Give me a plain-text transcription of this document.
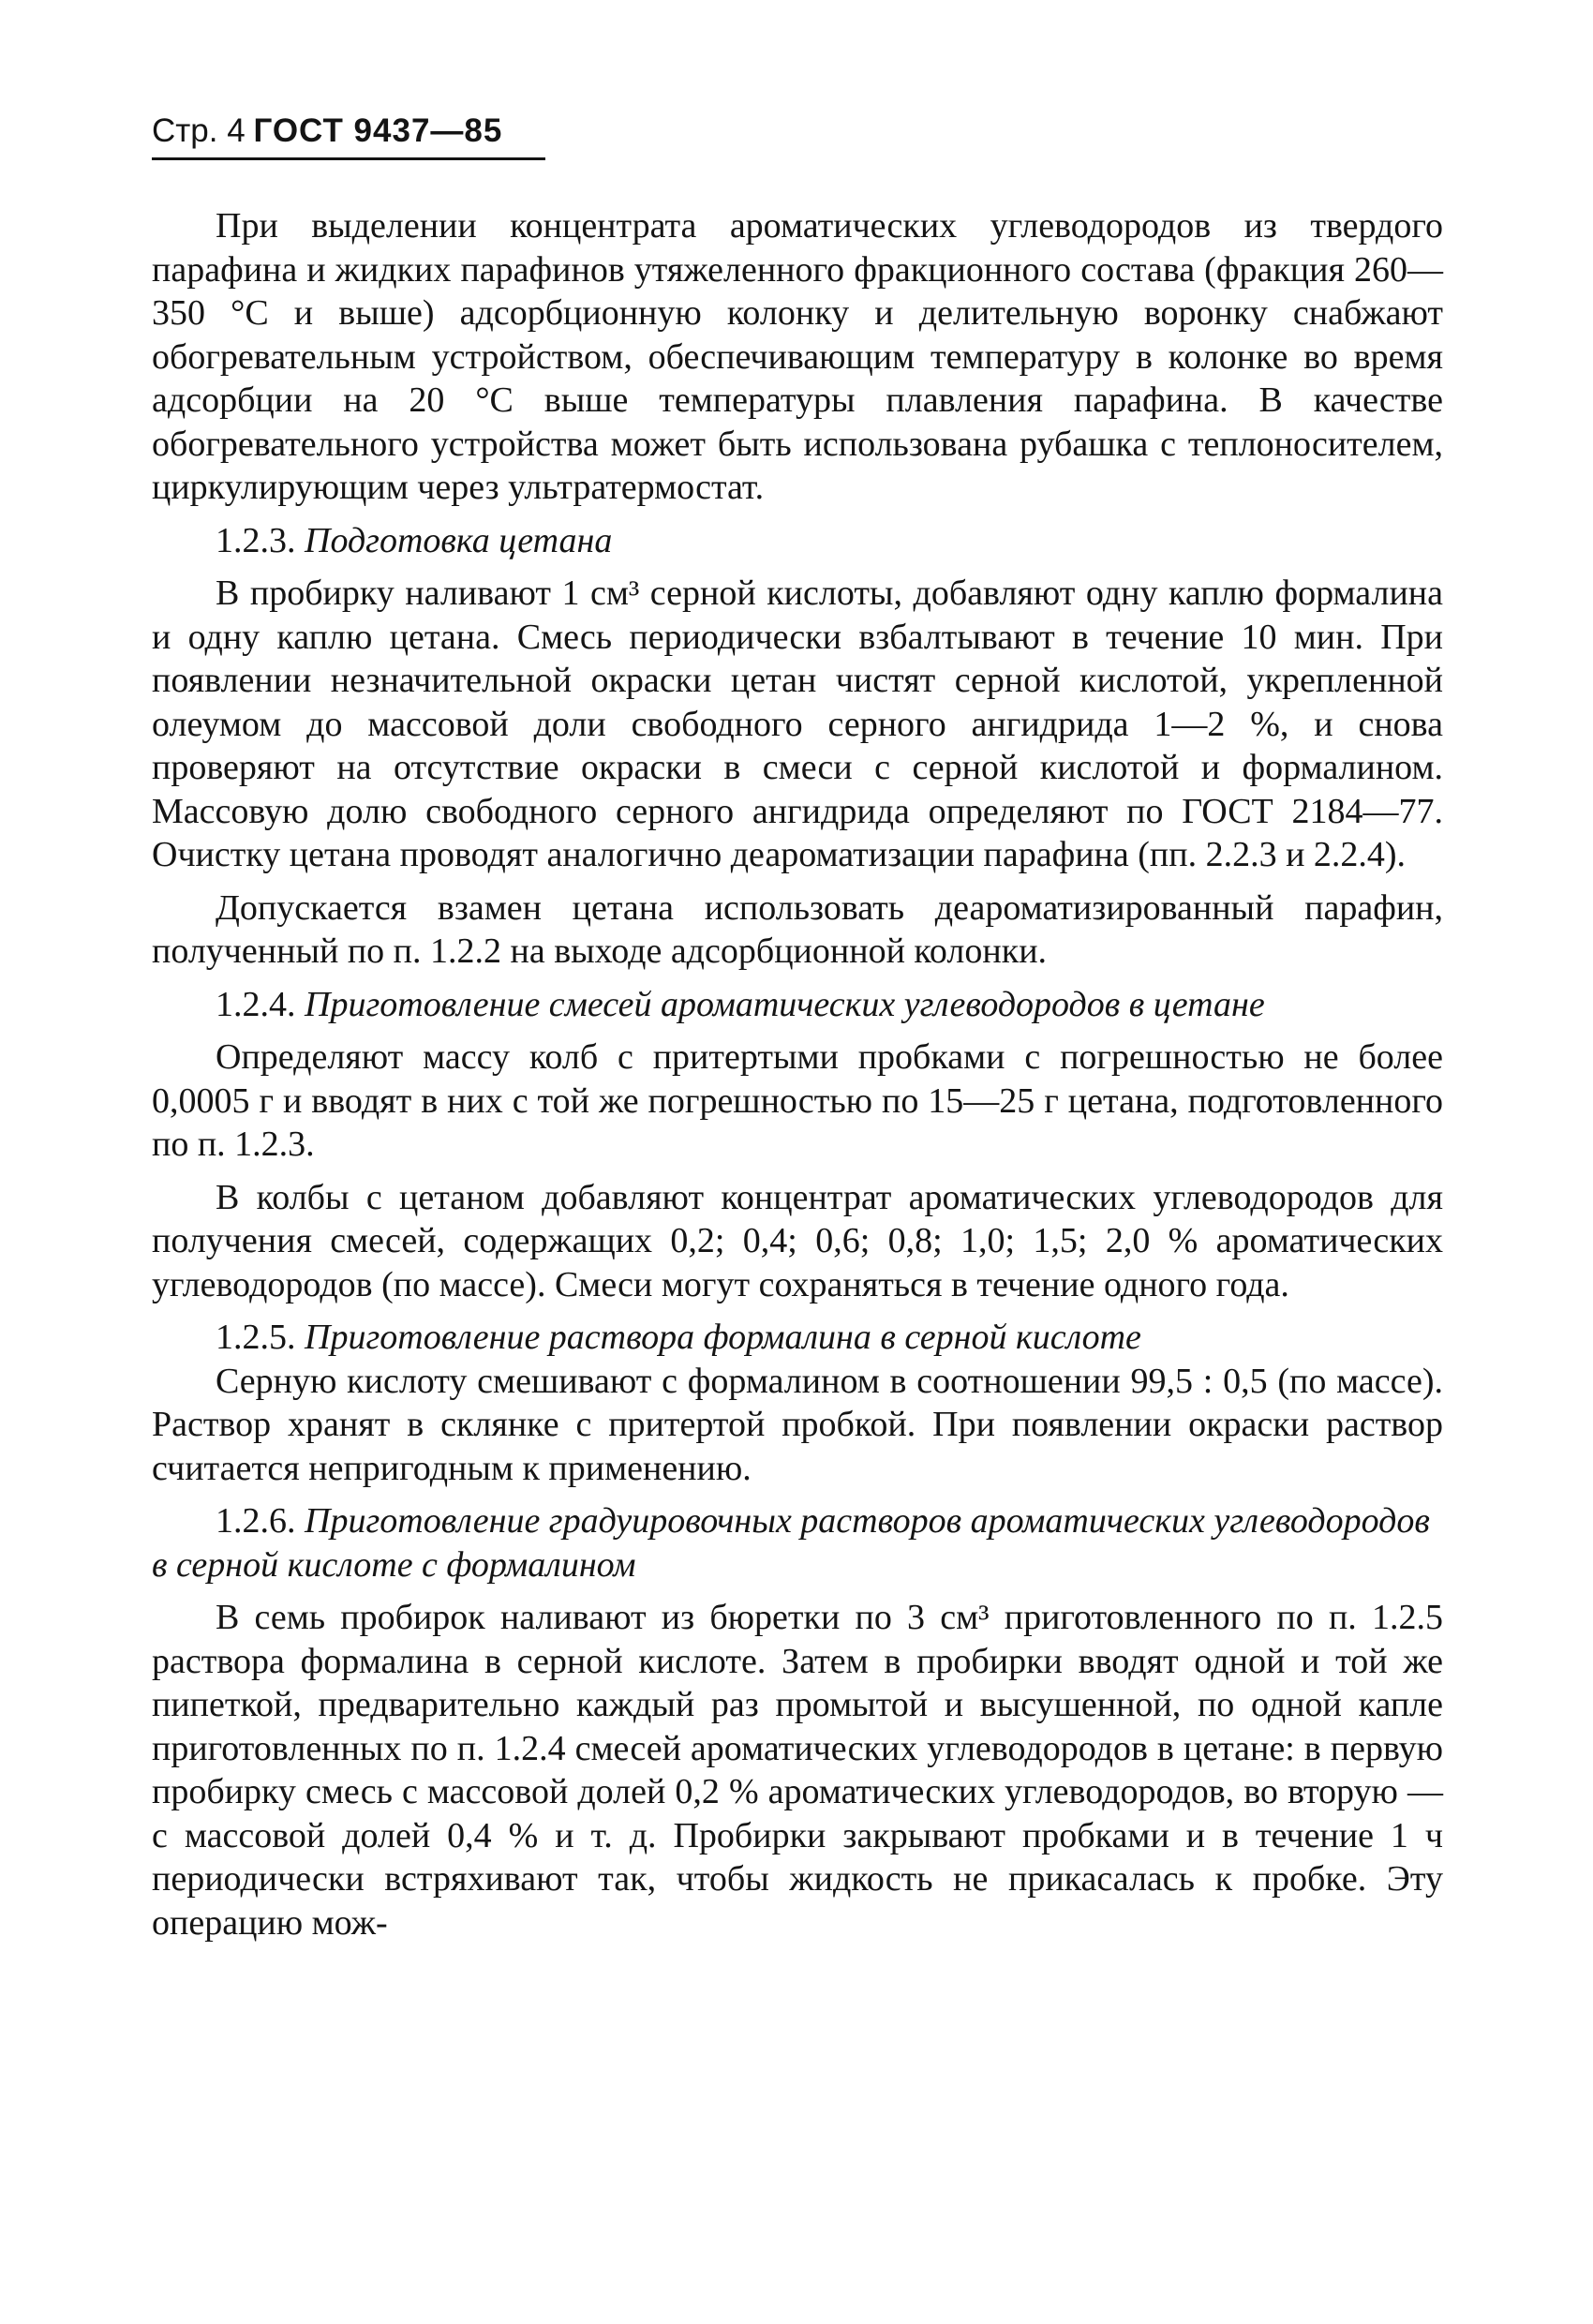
Стр. 4 ГОСТ 9437—85

При выделении концентрата ароматических углеводородов из твердого парафина и жидких парафинов утяжеленного фракционного состава (фракция 260—350 °С и выше) адсорбционную колонку и делительную воронку снабжают обогревательным устройством, обеспечивающим температуру в колонке во время адсорбции на 20 °С выше температуры плавления парафина. В качестве обогревательного устройства может быть использована рубашка с теплоносителем, циркулирующим через ультратермостат.

1.2.3. Подготовка цетана

В пробирку наливают 1 см³ серной кислоты, добавляют одну каплю формалина и одну каплю цетана. Смесь периодически взбалтывают в течение 10 мин. При появлении незначительной окраски цетан чистят серной кислотой, укрепленной олеумом до массовой доли свободного серного ангидрида 1—2 %, и снова проверяют на отсутствие окраски в смеси с серной кислотой и формалином. Массовую долю свободного серного ангидрида определяют по ГОСТ 2184—77. Очистку цетана проводят аналогично деароматизации парафина (пп. 2.2.3 и 2.2.4).

Допускается взамен цетана использовать деароматизированный парафин, полученный по п. 1.2.2 на выходе адсорбционной колонки.

1.2.4. Приготовление смесей ароматических углеводородов в цетане

Определяют массу колб с притертыми пробками с погрешностью не более 0,0005 г и вводят в них с той же погрешностью по 15—25 г цетана, подготовленного по п. 1.2.3.

В колбы с цетаном добавляют концентрат ароматических углеводородов для получения смесей, содержащих 0,2; 0,4; 0,6; 0,8; 1,0; 1,5; 2,0 % ароматических углеводородов (по массе). Смеси могут сохраняться в течение одного года.

1.2.5. Приготовление раствора формалина в серной кислоте

Серную кислоту смешивают с формалином в соотношении 99,5 : 0,5 (по массе). Раствор хранят в склянке с притертой пробкой. При появлении окраски раствор считается непригодным к применению.

1.2.6. Приготовление градуировочных растворов ароматических углеводородов в серной кислоте с формалином

В семь пробирок наливают из бюретки по 3 см³ приготовленного по п. 1.2.5 раствора формалина в серной кислоте. Затем в пробирки вводят одной и той же пипеткой, предварительно каждый раз промытой и высушенной, по одной капле приготовленных по п. 1.2.4 смесей ароматических углеводородов в цетане: в первую пробирку смесь с массовой долей 0,2 % ароматических углеводородов, во вторую — с массовой долей 0,4 % и т. д. Пробирки закрывают пробками и в течение 1 ч периодически встряхивают так, чтобы жидкость не прикасалась к пробке. Эту операцию мож-
